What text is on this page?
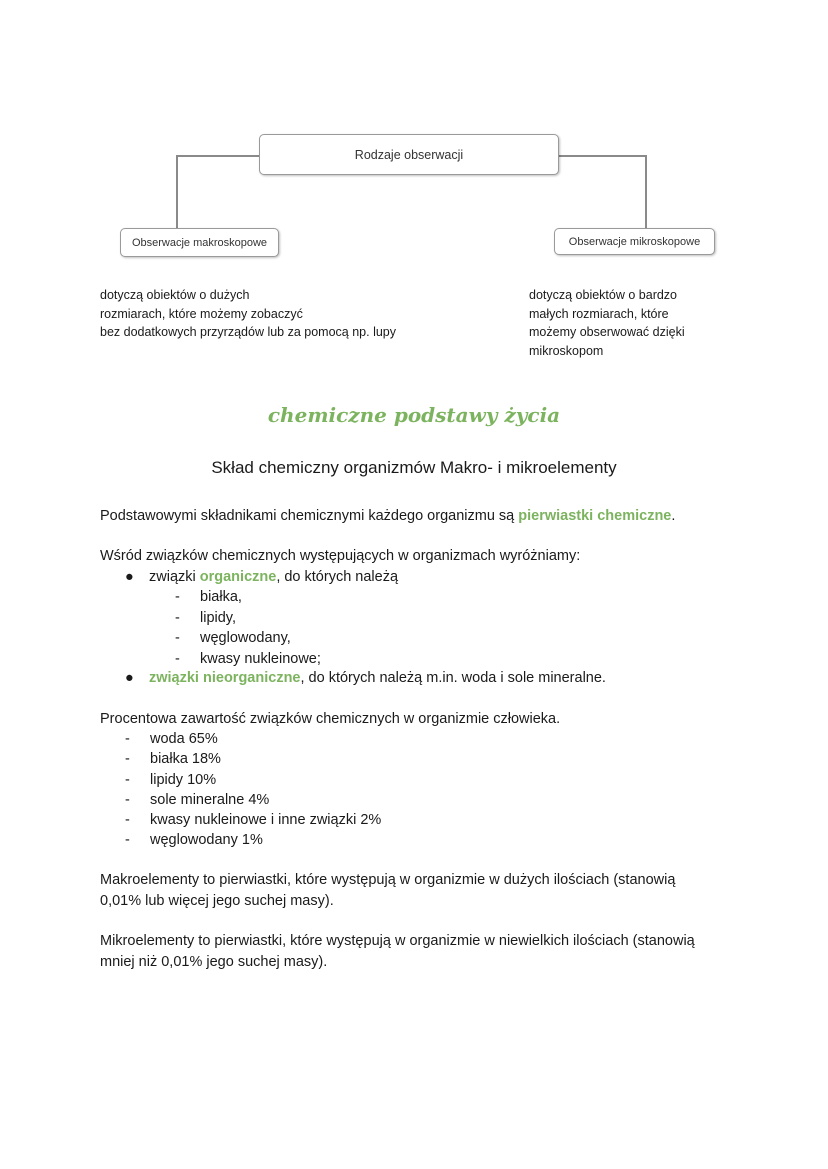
Rodzaje obserwacji
Obserwacje makroskopowe	Obserwacje mikroskopowe
dotyczą obiektów o dużych
rozmiarach, które możemy zobaczyć
bez dodatkowych przyrządów lub za pomocą np. lupy
dotyczą obiektów o bardzo
małych rozmiarach, które
możemy obserwować dzięki
mikroskopom
chemiczne podstawy życia
Skład chemiczny organizmów Makro- i mikroelementy
Podstawowymi składnikami chemicznymi każdego organizmu są pierwiastki chemiczne.
Wśród związków chemicznych występujących w organizmach wyróżniamy:
● związki organiczne, do których należą
- białka,
- lipidy,
- węglowodany,
- kwasy nukleinowe;
● związki nieorganiczne, do których należą m.in. woda i sole mineralne.
Procentowa zawartość związków chemicznych w organizmie człowieka.
- woda 65%
- białka 18%
- lipidy 10%
- sole mineralne 4%
- kwasy nukleinowe i inne związki 2%
- węglowodany 1%
Makroelementy to pierwiastki, które występują w organizmie w dużych ilościach (stanowią
0,01% lub więcej jego suchej masy).
Mikroelementy to pierwiastki, które występują w organizmie w niewielkich ilościach (stanowią
mniej niż 0,01% jego suchej masy).
